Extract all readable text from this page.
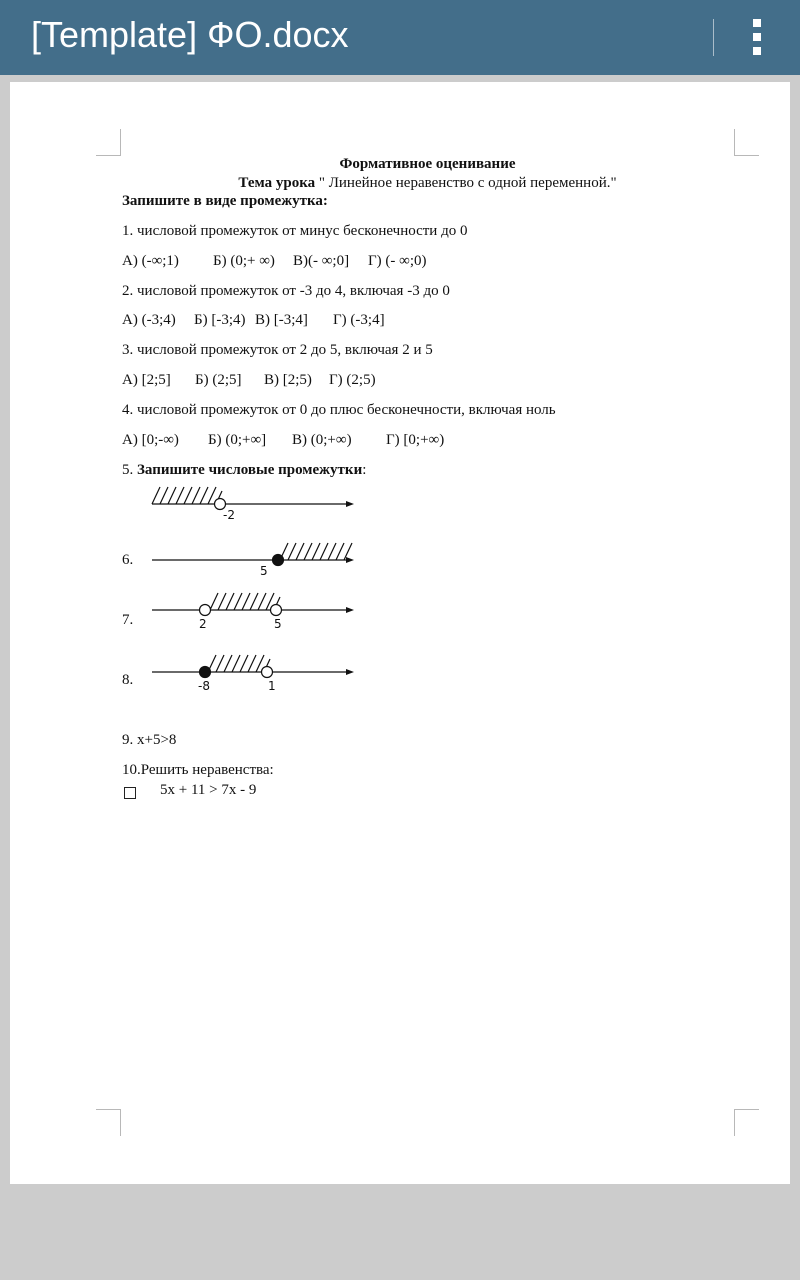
[Template] ФО.docx
Формативное оценивание
Тема урока " Линейное неравенство с одной переменной."
Запишите в виде промежутка:
1. числовой промежуток от минус бесконечности до 0
А) (-∞;1) Б) (0;+ ∞) В)(- ∞;0] Г) (- ∞;0)
2. числовой промежуток от -3 до 4, включая -3 до 0
А) (-3;4) Б) [-3;4) В) [-3;4] Г) (-3;4]
3. числовой промежуток от 2 до 5, включая 2 и 5
А) [2;5] Б) (2;5] В) [2;5) Г) (2;5)
4. числовой промежуток от 0 до плюс бесконечности, включая ноль
А) [0;-∞) Б) (0;+∞] В) (0;+∞) Г) [0;+∞)
5. Запишите числовые промежутки:
-2
6.
5
7.	2	5
8.	-8	1
9. x+5>8
10.Решить неравенства:
5x + 11 > 7x - 9
